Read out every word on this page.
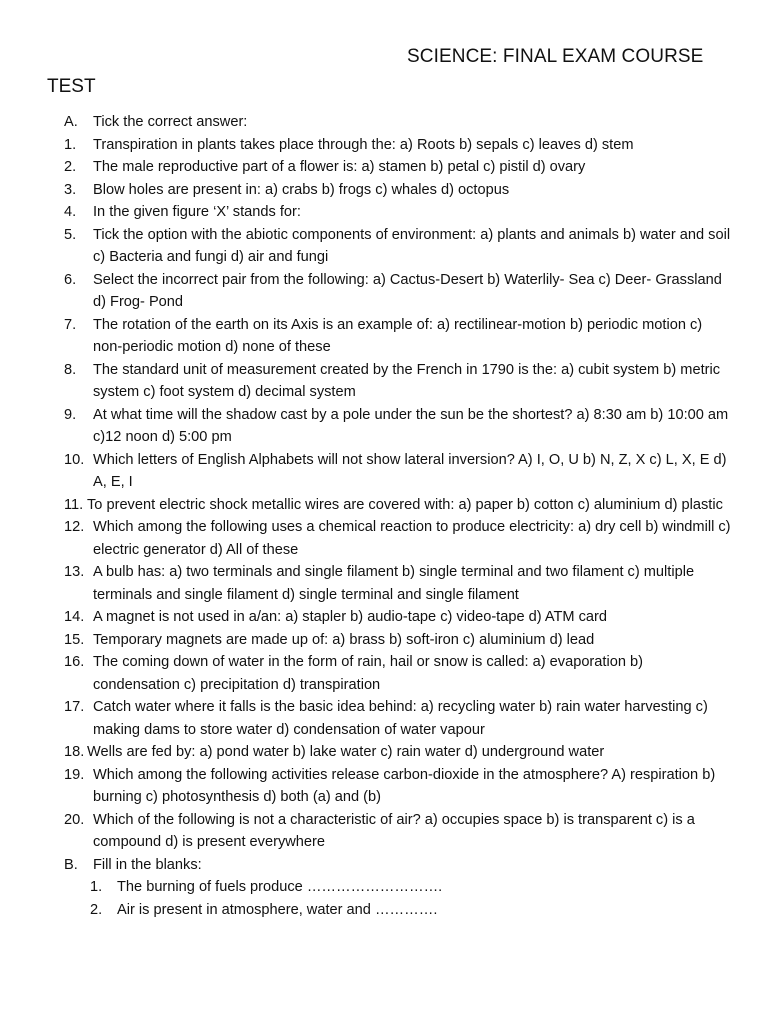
SCIENCE: FINAL EXAM COURSE
TEST
A. Tick the correct answer:
1. Transpiration in plants takes place through the: a) Roots b) sepals c) leaves d) stem
2. The male reproductive part of a flower is: a) stamen b) petal c) pistil d) ovary
3. Blow holes are present in: a) crabs b) frogs c) whales d) octopus
4. In the given figure ‘X’ stands for:
5. Tick the option with the abiotic components of environment: a) plants and animals b) water and soil c) Bacteria and fungi d) air and fungi
6. Select the incorrect pair from the following: a) Cactus-Desert b) Waterlily- Sea c) Deer- Grassland d) Frog- Pond
7. The rotation of the earth on its Axis is an example of: a) rectilinear-motion b) periodic motion c) non-periodic motion d) none of these
8. The standard unit of measurement created by the French in 1790 is the: a) cubit system b) metric system c) foot system d) decimal system
9. At what time will the shadow cast by a pole under the sun be the shortest? a) 8:30 am b) 10:00 am c)12 noon d) 5:00 pm
10. Which letters of English Alphabets will not show lateral inversion? A) I, O, U b) N, Z, X c) L, X, E d) A, E, I
11. To prevent electric shock metallic wires are covered with: a) paper b) cotton c) aluminium d) plastic
12. Which among the following uses a chemical reaction to produce electricity: a) dry cell b) windmill c) electric generator d) All of these
13. A bulb has: a) two terminals and single filament b) single terminal and two filament c) multiple terminals and single filament d) single terminal and single filament
14. A magnet is not used in a/an: a) stapler b) audio-tape c) video-tape d) ATM card
15. Temporary magnets are made up of: a) brass b) soft-iron c) aluminium d) lead
16. The coming down of water in the form of rain, hail or snow is called: a) evaporation b) condensation c) precipitation d) transpiration
17. Catch water where it falls is the basic idea behind: a) recycling water b) rain water harvesting c) making dams to store water d) condensation of water vapour
18. Wells are fed by: a) pond water b) lake water c) rain water d) underground water
19. Which among the following activities release carbon-dioxide in the atmosphere? A) respiration b) burning c) photosynthesis d) both (a) and (b)
20. Which of the following is not a characteristic of air? a) occupies space b) is transparent c) is a compound d) is present everywhere
B. Fill in the blanks:
1. The burning of fuels produce ……………………….
2. Air is present in atmosphere, water and ………….
